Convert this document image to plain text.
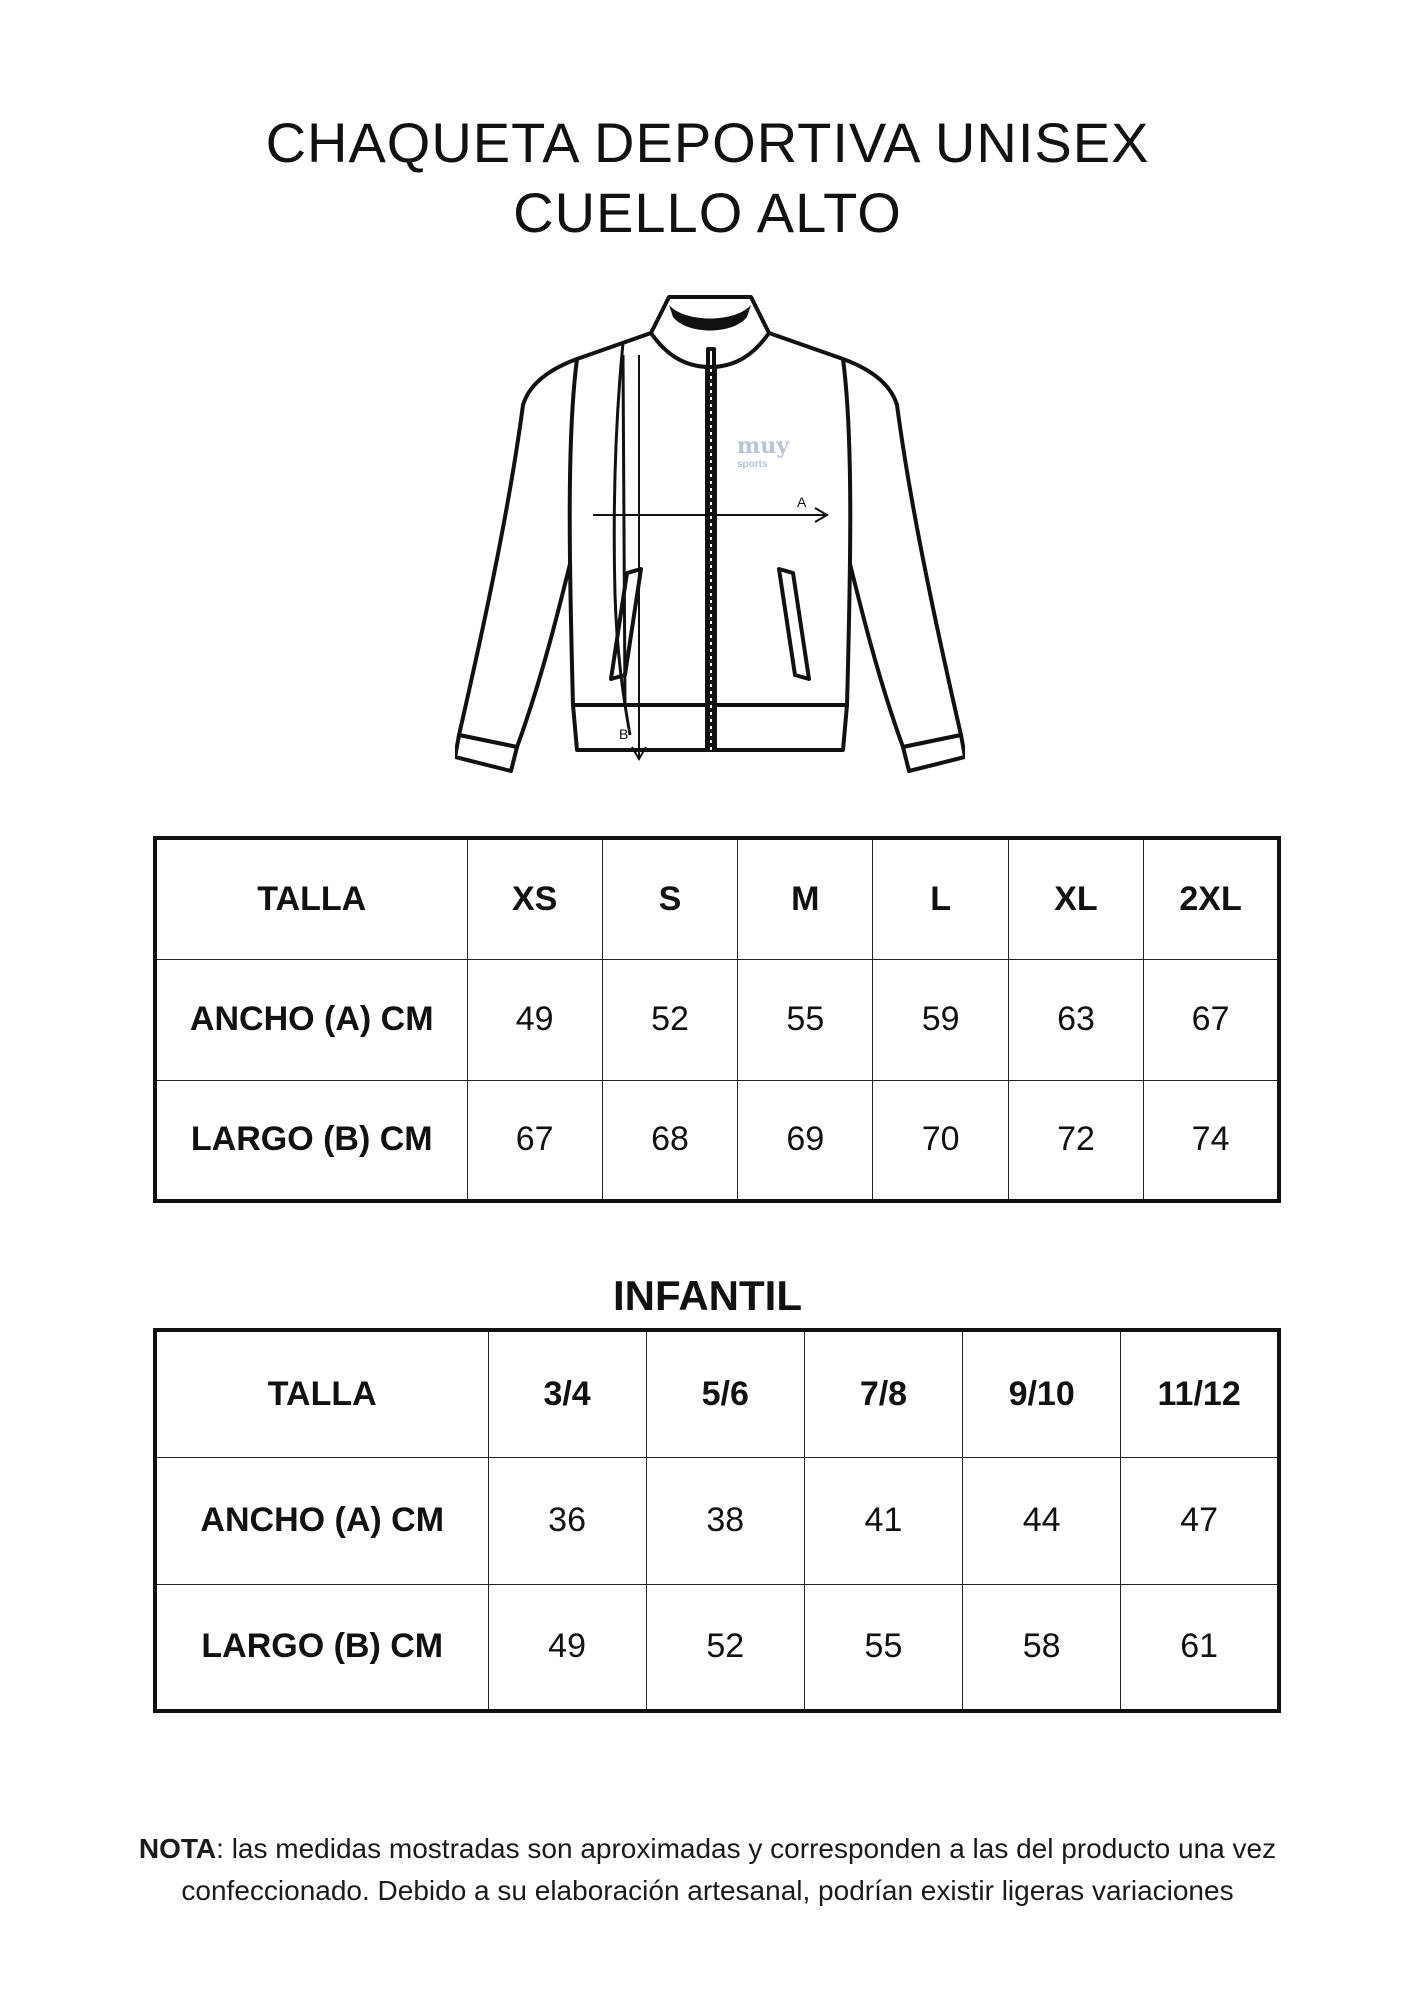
CHAQUETA DEPORTIVA UNISEX
CUELLO ALTO
A
B
muy
sports
TALLA	XS	S	M	L	XL	2XL
ANCHO (A) CM	49	52	55	59	63	67
LARGO (B) CM	67	68	69	70	72	74
INFANTIL
TALLA	3/4	5/6	7/8	9/10	11/12
ANCHO (A) CM	36	38	41	44	47
LARGO (B) CM	49	52	55	58	61
NOTA: las medidas mostradas son aproximadas y corresponden a las del producto una vez
confeccionado. Debido a su elaboración artesanal, podrían existir ligeras variaciones
